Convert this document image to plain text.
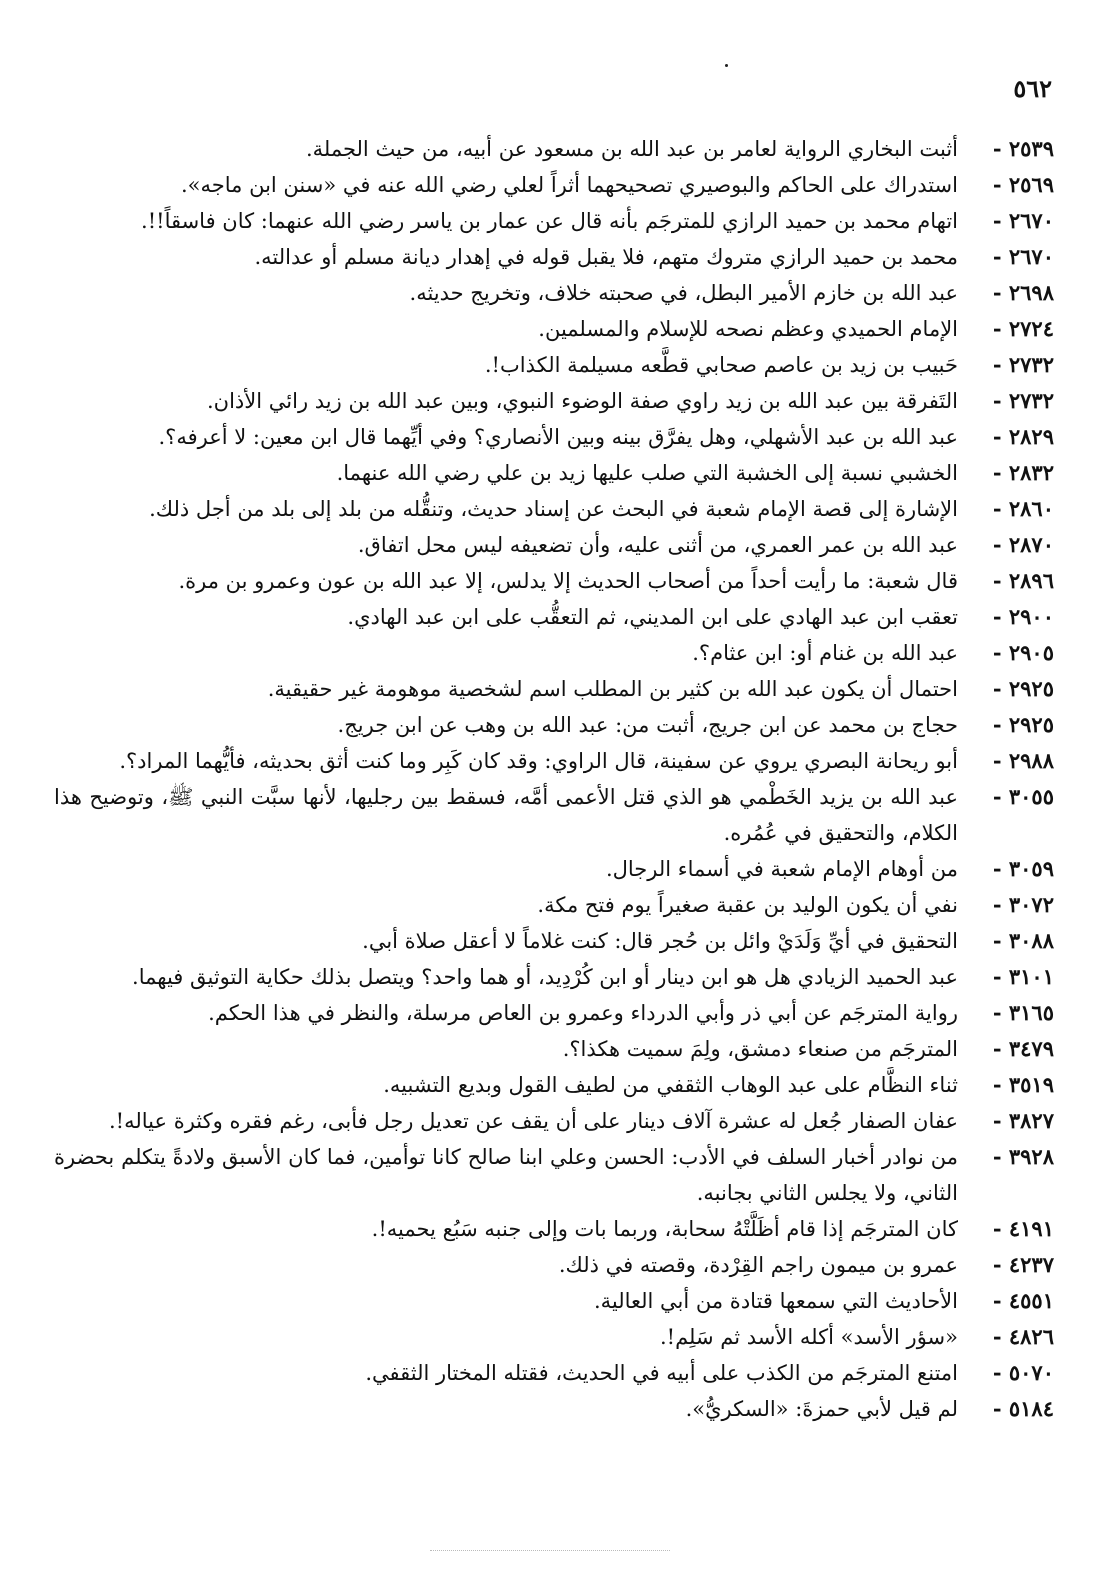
٥٦٢
٢٥٣٩ -
أثبت البخاري الرواية لعامر بن عبد الله بن مسعود عن أبيه، من حيث الجملة.
٢٥٦٩ -
استدراك على الحاكم والبوصيري تصحيحهما أثراً لعلي رضي الله عنه في «سنن ابن ماجه».
٢٦٧٠ -
اتهام محمد بن حميد الرازي للمترجَم بأنه قال عن عمار بن ياسر رضي الله عنهما: كان فاسقاً!!.
٢٦٧٠ -
محمد بن حميد الرازي متروك متهم، فلا يقبل قوله في إهدار ديانة مسلم أو عدالته.
٢٦٩٨ -
عبد الله بن خازم الأمير البطل، في صحبته خلاف، وتخريج حديثه.
٢٧٢٤ -
الإمام الحميدي وعظم نصحه للإسلام والمسلمين.
٢٧٣٢ -
حَبيب بن زيد بن عاصم صحابي قطَّعه مسيلمة الكذاب!.
٢٧٣٢ -
التَفرقة بين عبد الله بن زيد راوي صفة الوضوء النبوي، وبين عبد الله بن زيد رائي الأذان.
٢٨٢٩ -
عبد الله بن عبد الأشهلي، وهل يفرَّق بينه وبين الأنصاري؟ وفي أيِّهما قال ابن معين: لا أعرفه؟.
٢٨٣٢ -
الخشبي نسبة إلى الخشبة التي صلب عليها زيد بن علي رضي الله عنهما.
٢٨٦٠ -
الإشارة إلى قصة الإمام شعبة في البحث عن إسناد حديث، وتنقُّله من بلد إلى بلد من أجل ذلك.
٢٨٧٠ -
عبد الله بن عمر العمري، من أثنى عليه، وأن تضعيفه ليس محل اتفاق.
٢٨٩٦ -
قال شعبة: ما رأيت أحداً من أصحاب الحديث إلا يدلس، إلا عبد الله بن عون وعمرو بن مرة.
٢٩٠٠ -
تعقب ابن عبد الهادي على ابن المديني، ثم التعقُّب على ابن عبد الهادي.
٢٩٠٥ -
عبد الله بن غنام أو: ابن عثام؟.
٢٩٢٥ -
احتمال أن يكون عبد الله بن كثير بن المطلب اسم لشخصية موهومة غير حقيقية.
٢٩٢٥ -
حجاج بن محمد عن ابن جريج، أثبت من: عبد الله بن وهب عن ابن جريج.
٢٩٨٨ -
أبو ريحانة البصري يروي عن سفينة، قال الراوي: وقد كان كَبِر وما كنت أثق بحديثه، فأيُّهما المراد؟.
٣٠٥٥ -
عبد الله بن يزيد الخَطْمي هو الذي قتل الأعمى أمَّه، فسقط بين رجليها، لأنها سبَّت النبي ﷺ، وتوضيح هذا الكلام، والتحقيق في عُمُره.
٣٠٥٩ -
من أوهام الإمام شعبة في أسماء الرجال.
٣٠٧٢ -
نفي أن يكون الوليد بن عقبة صغيراً يوم فتح مكة.
٣٠٨٨ -
التحقيق في أيِّ وَلَدَيْ وائل بن حُجر قال: كنت غلاماً لا أعقل صلاة أبي.
٣١٠١ -
عبد الحميد الزيادي هل هو ابن دينار أو ابن كُرْدِيد، أو هما واحد؟ ويتصل بذلك حكاية التوثيق فيهما.
٣١٦٥ -
رواية المترجَم عن أبي ذر وأبي الدرداء وعمرو بن العاص مرسلة، والنظر في هذا الحكم.
٣٤٧٩ -
المترجَم من صنعاء دمشق، ولِمَ سميت هكذا؟.
٣٥١٩ -
ثناء النظَّام على عبد الوهاب الثقفي من لطيف القول وبديع التشبيه.
٣٨٢٧ -
عفان الصفار جُعل له عشرة آلاف دينار على أن يقف عن تعديل رجل فأبى، رغم فقره وكثرة عياله!.
٣٩٢٨ -
من نوادر أخبار السلف في الأدب: الحسن وعلي ابنا صالح كانا توأمين، فما كان الأسبق ولادةً يتكلم بحضرة الثاني، ولا يجلس الثاني بجانبه.
٤١٩١ -
كان المترجَم إذا قام أظَلَّتْهُ سحابة، وربما بات وإلى جنبه سَبُع يحميه!.
٤٢٣٧ -
عمرو بن ميمون راجم القِرْدة، وقصته في ذلك.
٤٥٥١ -
الأحاديث التي سمعها قتادة من أبي العالية.
٤٨٢٦ -
«سؤر الأسد» أكله الأسد ثم سَلِم!.
٥٠٧٠ -
امتنع المترجَم من الكذب على أبيه في الحديث، فقتله المختار الثقفي.
٥١٨٤ -
لم قيل لأبي حمزةَ: «السكريُّ».
